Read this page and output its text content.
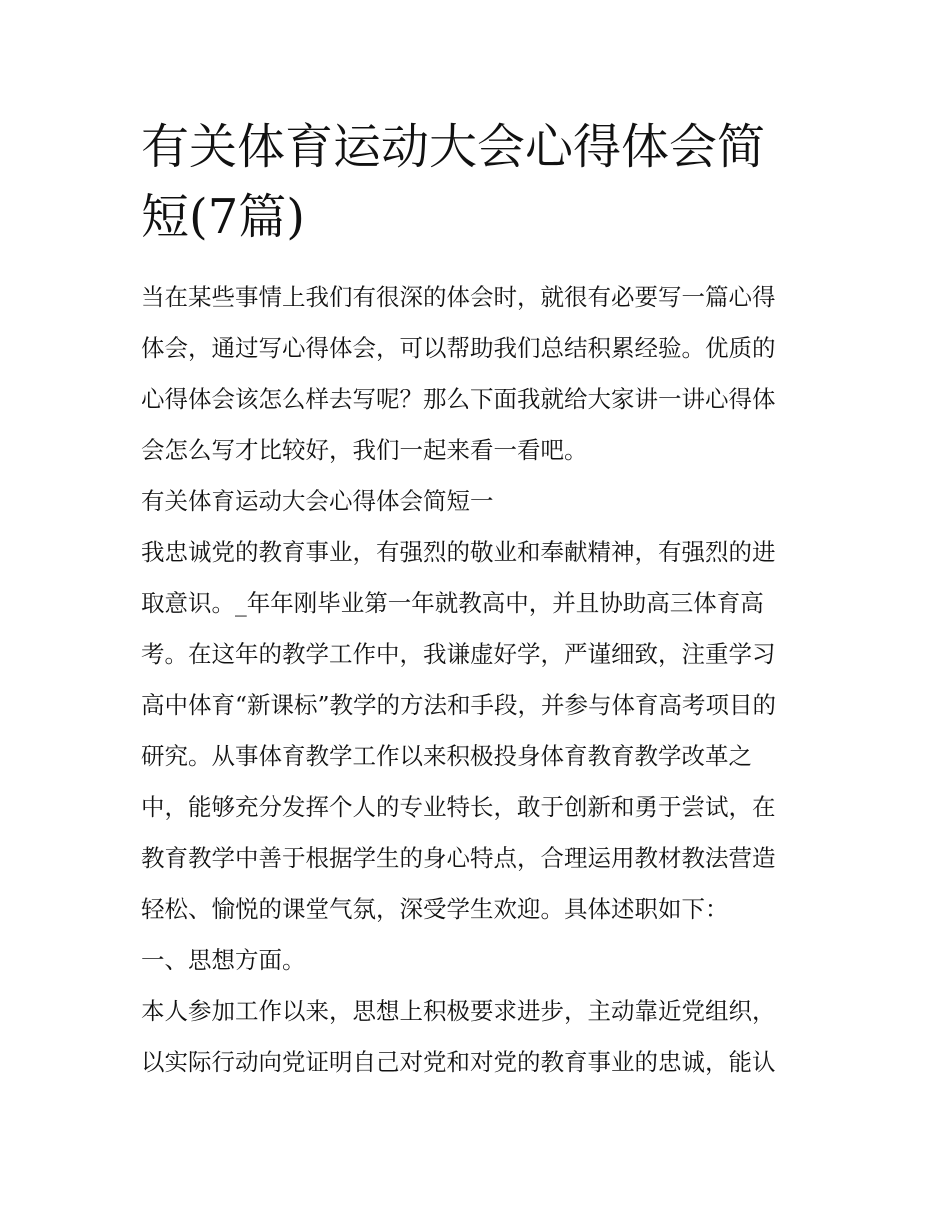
有关体育运动大会心得体会简
短(7篇)
当在某些事情上我们有很深的体会时，就很有必要写一篇心得
体会，通过写心得体会，可以帮助我们总结积累经验。优质的
心得体会该怎么样去写呢？那么下面我就给大家讲一讲心得体
会怎么写才比较好，我们一起来看一看吧。
有关体育运动大会心得体会简短一
我忠诚党的教育事业，有强烈的敬业和奉献精神，有强烈的进
取意识。_年年刚毕业第一年就教高中，并且协助高三体育高
考。在这年的教学工作中，我谦虚好学，严谨细致，注重学习
高中体育“新课标”教学的方法和手段，并参与体育高考项目的
研究。从事体育教学工作以来积极投身体育教育教学改革之
中，能够充分发挥个人的专业特长，敢于创新和勇于尝试，在
教育教学中善于根据学生的身心特点，合理运用教材教法营造
轻松、愉悦的课堂气氛，深受学生欢迎。具体述职如下：
一、思想方面。
本人参加工作以来，思想上积极要求进步，主动靠近党组织，
以实际行动向党证明自己对党和对党的教育事业的忠诚，能认
